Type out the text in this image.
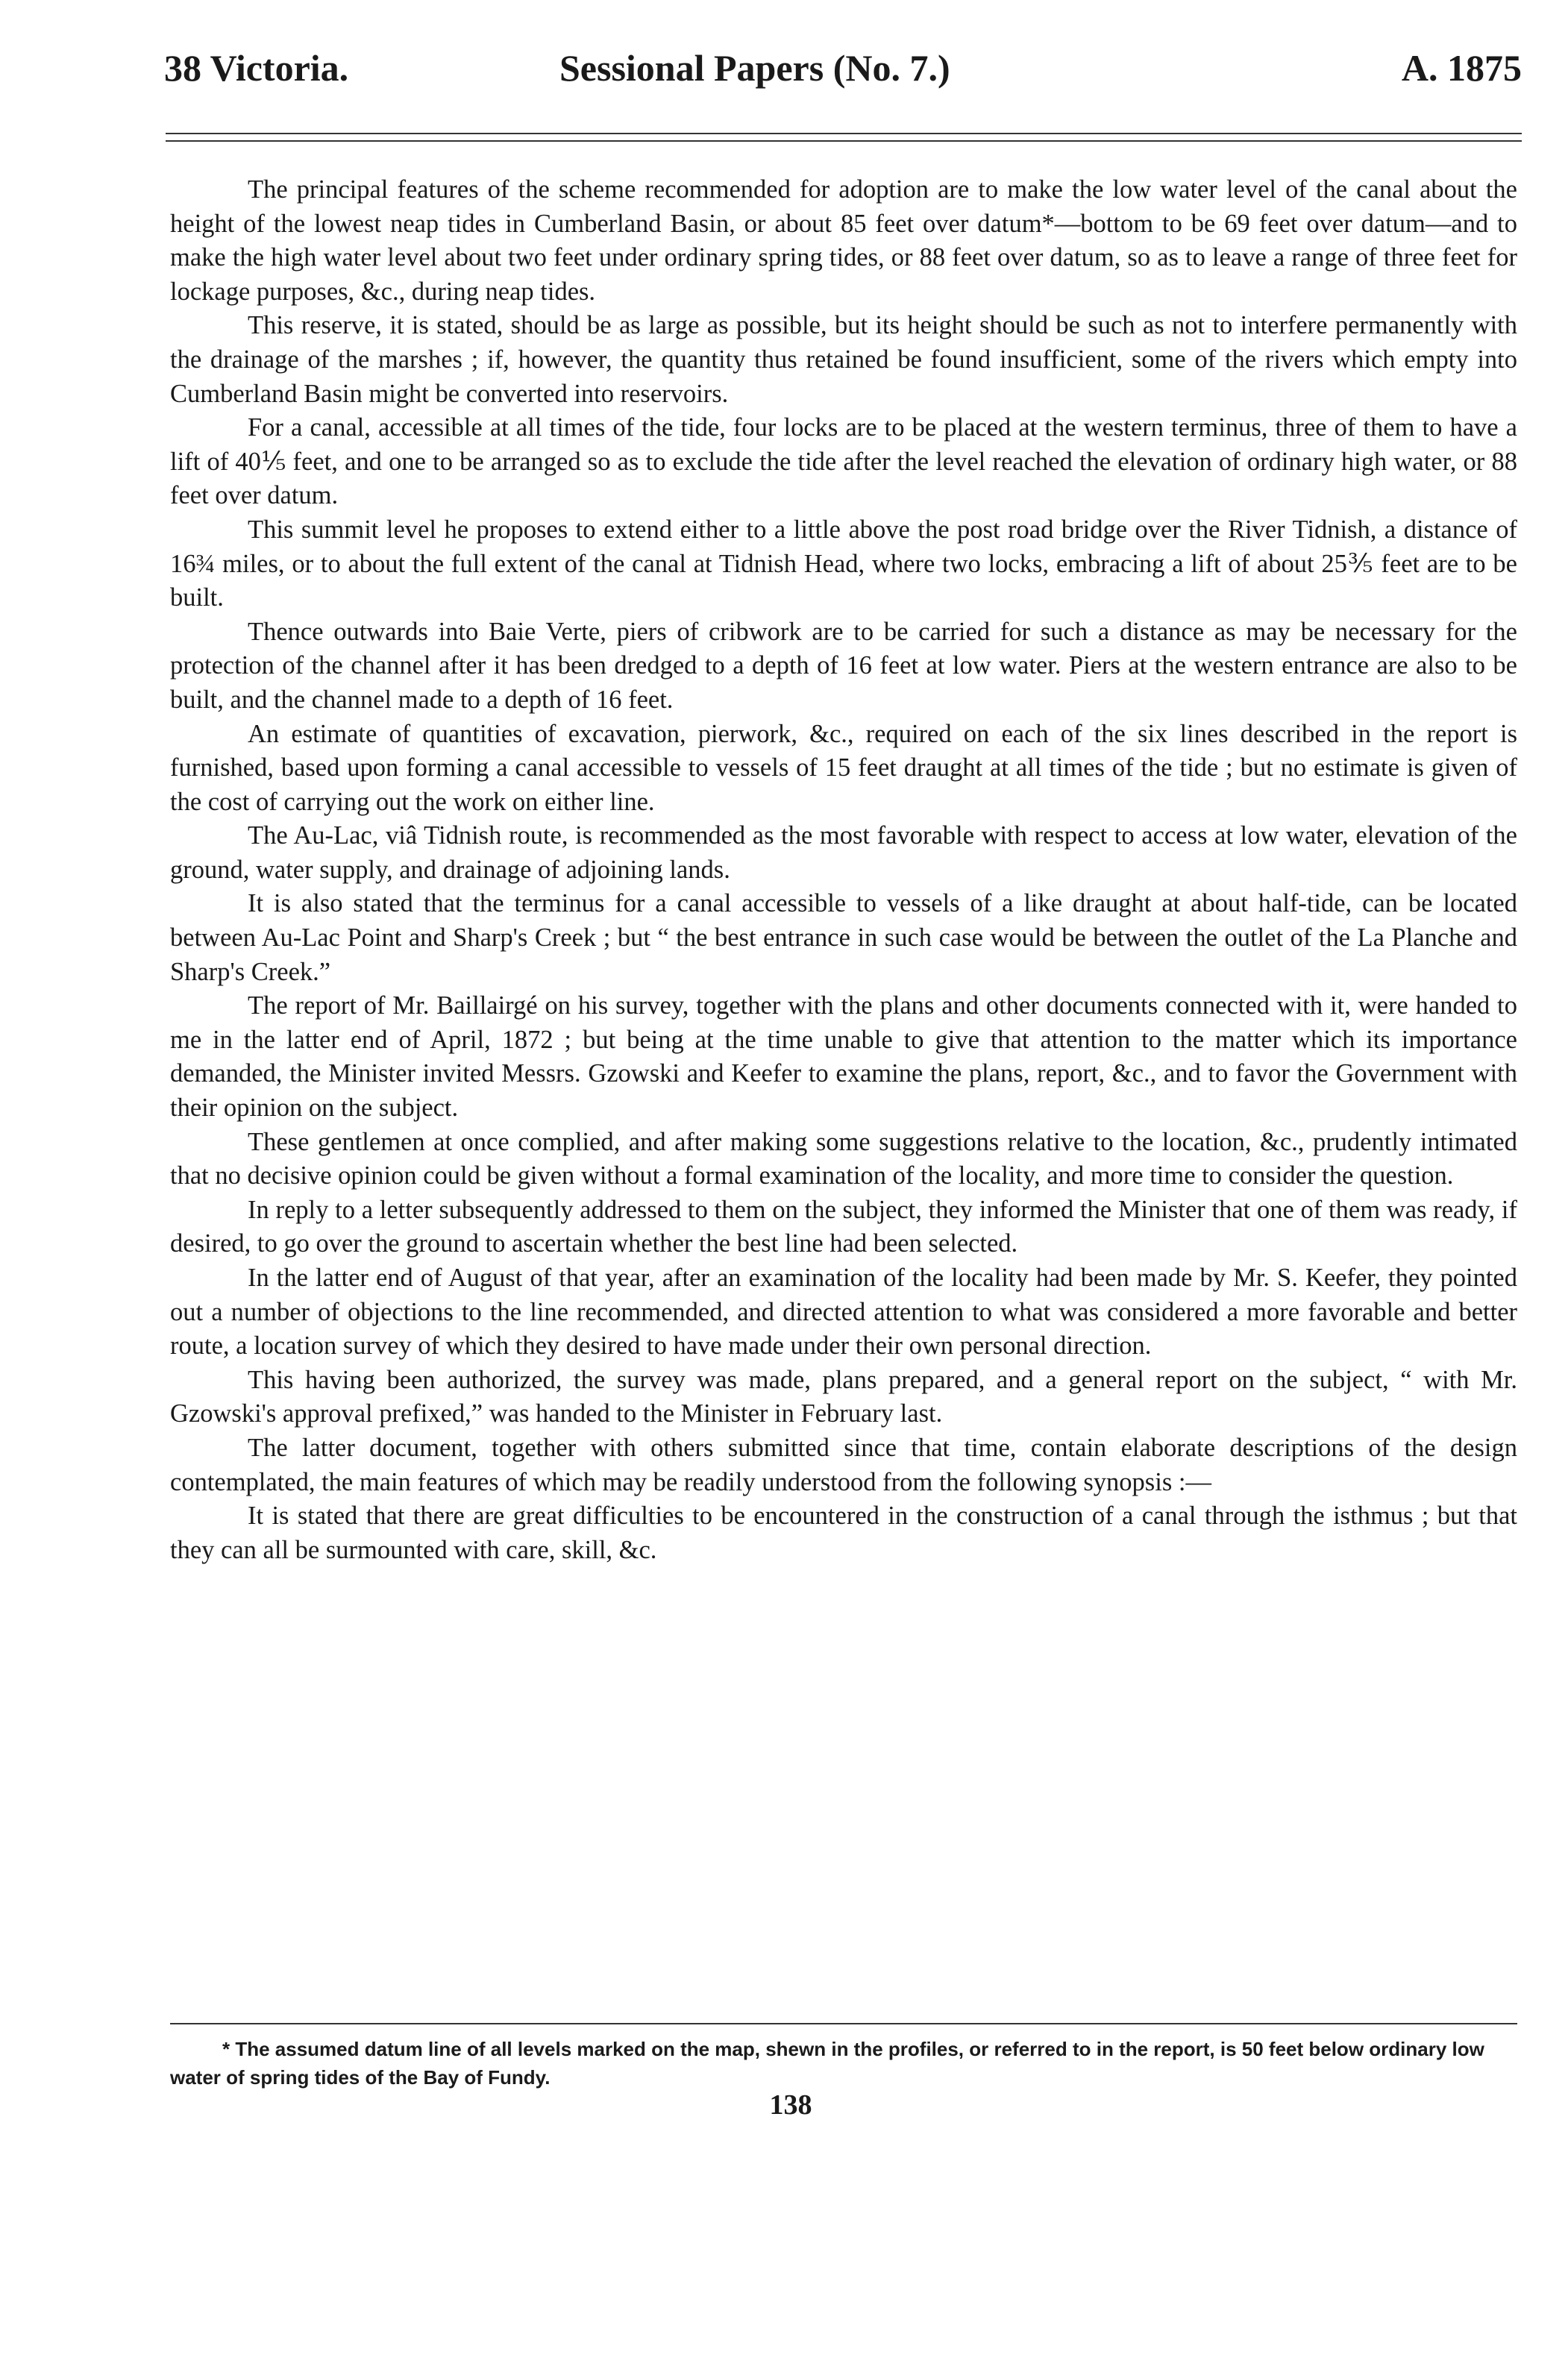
38 Victoria.	Sessional Papers (No. 7.)	A. 1875

The principal features of the scheme recommended for adoption are to make the low water level of the canal about the height of the lowest neap tides in Cumberland Basin, or about 85 feet over datum*—bottom to be 69 feet over datum—and to make the high water level about two feet under ordinary spring tides, or 88 feet over datum, so as to leave a range of three feet for lockage purposes, &c., during neap tides.

This reserve, it is stated, should be as large as possible, but its height should be such as not to interfere permanently with the drainage of the marshes ; if, however, the quantity thus retained be found insufficient, some of the rivers which empty into Cumberland Basin might be converted into reservoirs.

For a canal, accessible at all times of the tide, four locks are to be placed at the western terminus, three of them to have a lift of 40⅕ feet, and one to be arranged so as to exclude the tide after the level reached the elevation of ordinary high water, or 88 feet over datum.

This summit level he proposes to extend either to a little above the post road bridge over the River Tidnish, a distance of 16¾ miles, or to about the full extent of the canal at Tidnish Head, where two locks, embracing a lift of about 25⅗ feet are to be built.

Thence outwards into Baie Verte, piers of cribwork are to be carried for such a distance as may be necessary for the protection of the channel after it has been dredged to a depth of 16 feet at low water. Piers at the western entrance are also to be built, and the channel made to a depth of 16 feet.

An estimate of quantities of excavation, pierwork, &c., required on each of the six lines described in the report is furnished, based upon forming a canal accessible to vessels of 15 feet draught at all times of the tide ; but no estimate is given of the cost of carrying out the work on either line.

The Au-Lac, viâ Tidnish route, is recommended as the most favorable with respect to access at low water, elevation of the ground, water supply, and drainage of adjoining lands.

It is also stated that the terminus for a canal accessible to vessels of a like draught at about half-tide, can be located between Au-Lac Point and Sharp's Creek ; but “ the best entrance in such case would be between the outlet of the La Planche and Sharp's Creek.”

The report of Mr. Baillairgé on his survey, together with the plans and other documents connected with it, were handed to me in the latter end of April, 1872 ; but being at the time unable to give that attention to the matter which its importance demanded, the Minister invited Messrs. Gzowski and Keefer to examine the plans, report, &c., and to favor the Government with their opinion on the subject.

These gentlemen at once complied, and after making some suggestions relative to the location, &c., prudently intimated that no decisive opinion could be given without a formal examination of the locality, and more time to consider the question.

In reply to a letter subsequently addressed to them on the subject, they informed the Minister that one of them was ready, if desired, to go over the ground to ascertain whether the best line had been selected.

In the latter end of August of that year, after an examination of the locality had been made by Mr. S. Keefer, they pointed out a number of objections to the line recommended, and directed attention to what was considered a more favorable and better route, a location survey of which they desired to have made under their own personal direction.

This having been authorized, the survey was made, plans prepared, and a general report on the subject, “ with Mr. Gzowski's approval prefixed,” was handed to the Minister in February last.

The latter document, together with others submitted since that time, contain elaborate descriptions of the design contemplated, the main features of which may be readily understood from the following synopsis :—

It is stated that there are great difficulties to be encountered in the construction of a canal through the isthmus ; but that they can all be surmounted with care, skill, &c.

* The assumed datum line of all levels marked on the map, shewn in the profiles, or referred to in the report, is 50 feet below ordinary low water of spring tides of the Bay of Fundy.

138
